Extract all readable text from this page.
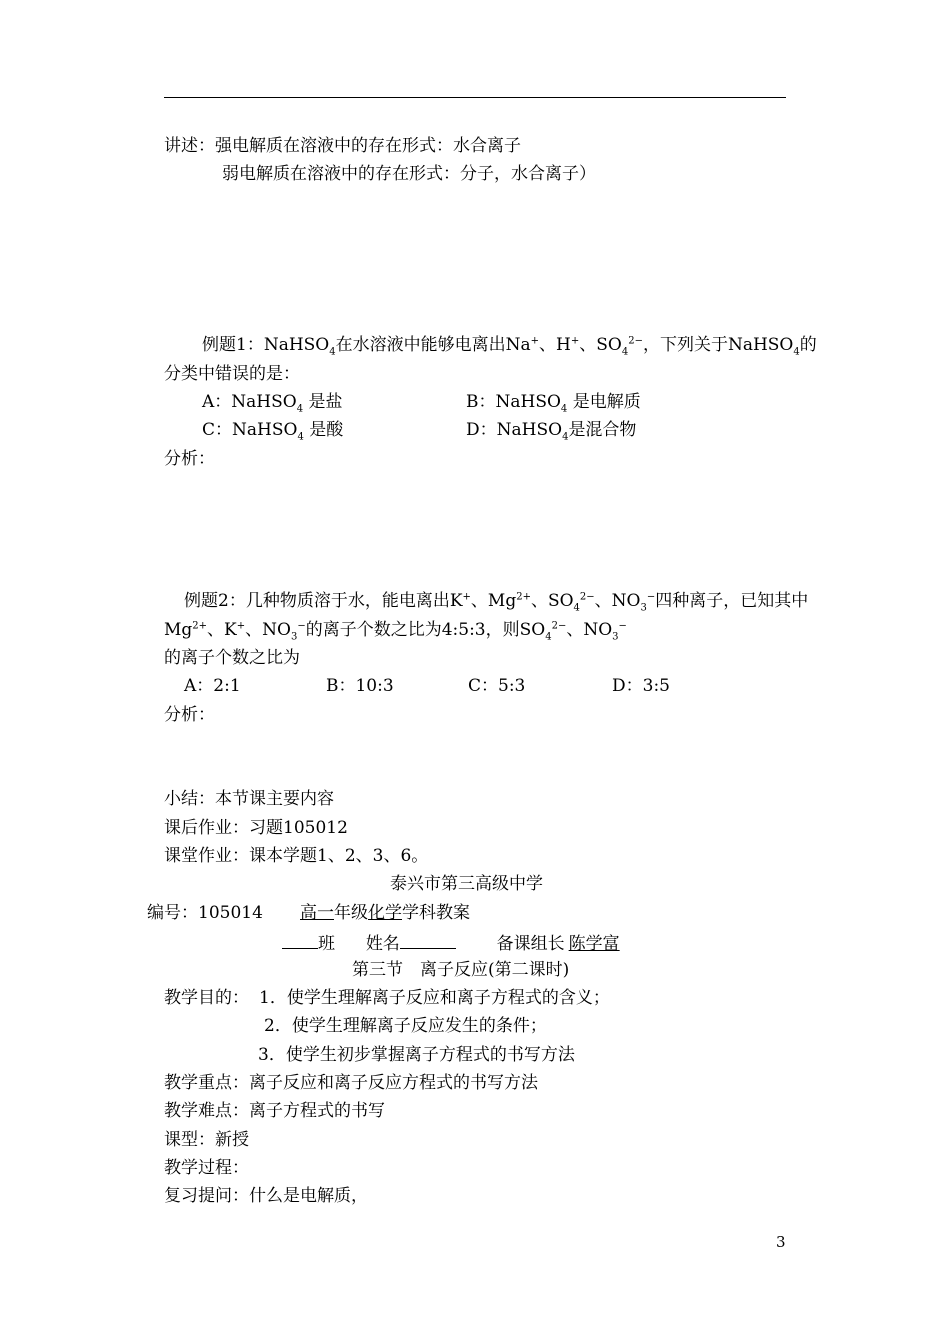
讲述：强电解质在溶液中的存在形式：水合离子
弱电解质在溶液中的存在形式：分子，水合离子）
例题1：NaHSO$_4$在水溶液中能够电离出Na+、H+、$SO_4^{2-}$，下列关于NaHSO$_4$的
分类中错误的是：
A：NaHSO$_4$ 是盐	B：NaHSO$_4$ 是电解质
C：NaHSO$_4$ 是酸	D：NaHSO$_4$是混合物
分析：
例题2：几种物质溶于水，能电离出K+、$Mg^{2+}$、$SO_4^{2-}$、$NO_3^-$四种离子，已知其中
$Mg^{2+}$、K+、$NO_3^-$的离子个数之比为4:5:3，则$SO_4^{2-}$、$NO_3^-$
的离子个数之比为
A：2:1	B：10:3	C：5:3	D：3:5
分析：
小结：本节课主要内容
课后作业：习题105012
课堂作业：课本学题1、2、3、6。
泰兴市第三高级中学
编号：105014 高一年级化学学科教案
班 姓名	备课组长 陈学富
第三节　离子反应(第二课时)
教学目的： 1．使学生理解离子反应和离子方程式的含义；
2．使学生理解离子反应发生的条件；
3．使学生初步掌握离子方程式的书写方法
教学重点：离子反应和离子反应方程式的书写方法
教学难点：离子方程式的书写
课型：新授
教学过程：
复习提问：什么是电解质，
3
